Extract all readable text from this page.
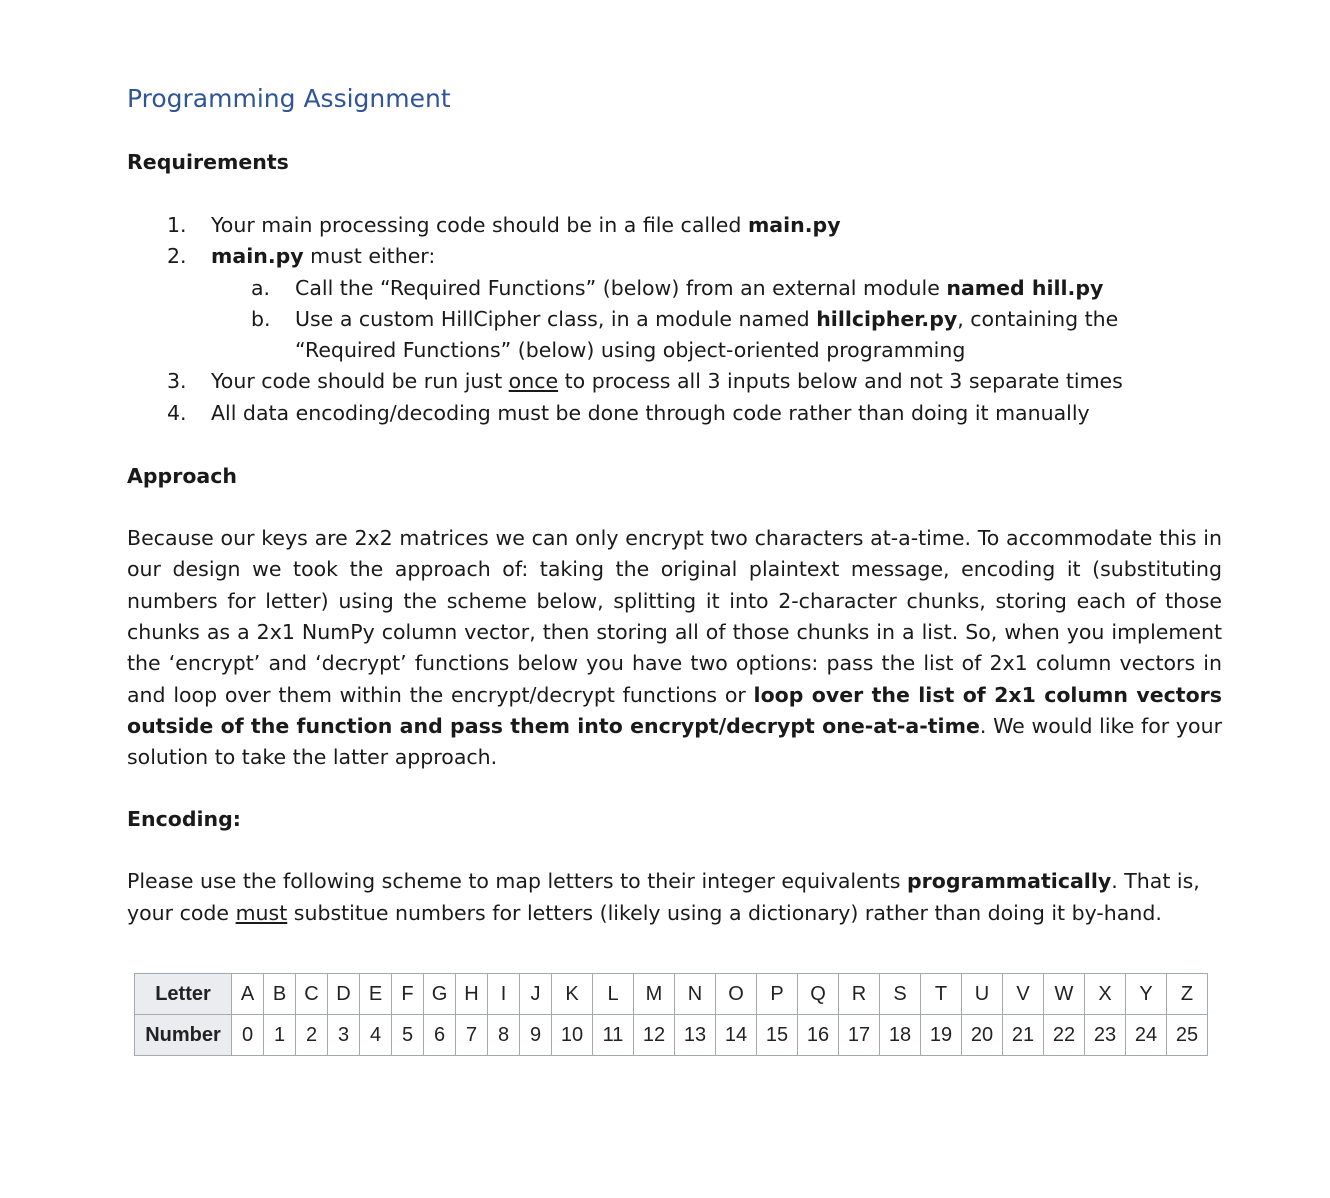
Programming Assignment
Requirements
1. Your main processing code should be in a file called main.py
2. main.py must either:
a. Call the “Required Functions” (below) from an external module named hill.py
b. Use a custom HillCipher class, in a module named hillcipher.py, containing the
“Required Functions” (below) using object-oriented programming
3. Your code should be run just once to process all 3 inputs below and not 3 separate times
4. All data encoding/decoding must be done through code rather than doing it manually
Approach

Because our keys are 2x2 matrices we can only encrypt two characters at-a-time. To accommodate this in our design we took the approach of: taking the original plaintext message, encoding it (substituting numbers for letter) using the scheme below, splitting it into 2-character chunks, storing each of those chunks as a 2x1 NumPy column vector, then storing all of those chunks in a list. So, when you implement the ‘encrypt’ and ‘decrypt’ functions below you have two options: pass the list of 2x1 column vectors in and loop over them within the encrypt/decrypt functions or loop over the list of 2x1 column vectors outside of the function and pass them into encrypt/decrypt one-at-a-time. We would like for your solution to take the latter approach.

Encoding:

Please use the following scheme to map letters to their integer equivalents programmatically. That is, your code must substitue numbers for letters (likely using a dictionary) rather than doing it by-hand.

Letter	A	B	C	D	E	F	G	H	I	J	K	L	M	N	O	P	Q	R	S	T	U	V	W	X	Y	Z
Number	0	1	2	3	4	5	6	7	8	9	10	11	12	13	14	15	16	17	18	19	20	21	22	23	24	25
